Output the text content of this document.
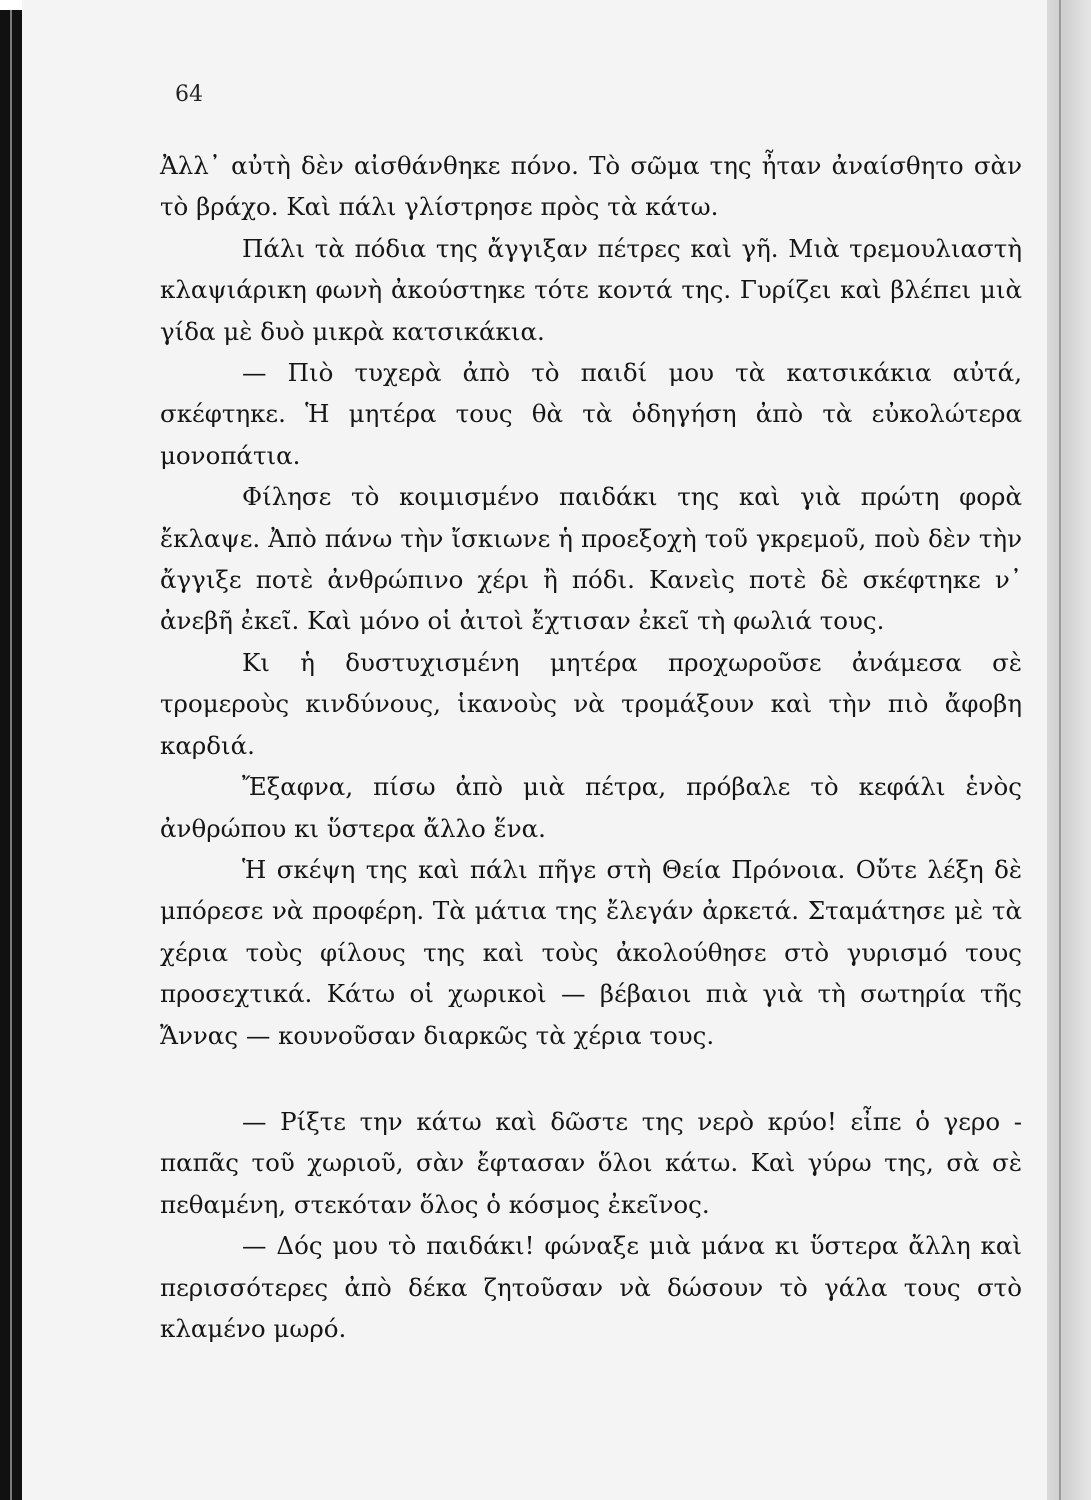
64

Ἀλλ᾽ αὐτὴ δὲν αἰσθάνθηκε πόνο. Τὸ σῶμα της ἦταν ἀναίσθητο σὰν τὸ βράχο. Καὶ πάλι γλίστρησε πρὸς τὰ κάτω.

Πάλι τὰ πόδια της ἄγγιξαν πέτρες καὶ γῆ. Μιὰ τρεμουλιαστὴ κλαψιάρικη φωνὴ ἀκούστηκε τότε κοντά της. Γυρίζει καὶ βλέπει μιὰ γίδα μὲ δυὸ μικρὰ κατσικάκια.

— Πιὸ τυχερὰ ἀπὸ τὸ παιδί μου τὰ κατσικάκια αὐτά, σκέφτηκε. Ἡ μητέρα τους θὰ τὰ ὁδηγήση ἀπὸ τὰ εὐκολώτερα μονοπάτια.

Φίλησε τὸ κοιμισμένο παιδάκι της καὶ γιὰ πρώτη φορὰ ἔκλαψε. Ἀπὸ πάνω τὴν ἴσκιωνε ἡ προεξοχὴ τοῦ γκρεμοῦ, ποὺ δὲν τὴν ἄγγιξε ποτὲ ἀνθρώπινο χέρι ἢ πόδι. Κανεὶς ποτὲ δὲ σκέφτηκε ν᾽ ἀνεβῆ ἐκεῖ. Καὶ μόνο οἱ ἀιτοὶ ἔχτισαν ἐκεῖ τὴ φωλιά τους.

Κι ἡ δυστυχισμένη μητέρα προχωροῦσε ἀνάμεσα σὲ τρομεροὺς κινδύνους, ἱκανοὺς νὰ τρομάξουν καὶ τὴν πιὸ ἄφοβη καρδιά.

Ἔξαφνα, πίσω ἀπὸ μιὰ πέτρα, πρόβαλε τὸ κεφάλι ἑνὸς ἀνθρώπου κι ὕστερα ἄλλο ἕνα.

Ἡ σκέψη της καὶ πάλι πῆγε στὴ Θεία Πρόνοια. Οὔτε λέξη δὲ μπόρεσε νὰ προφέρη. Τὰ μάτια της ἔλεγάν ἀρκετά. Σταμάτησε μὲ τὰ χέρια τοὺς φίλους της καὶ τοὺς ἀκολούθησε στὸ γυρισμό τους προσεχτικά. Κάτω οἱ χωρικοὶ — βέβαιοι πιὰ γιὰ τὴ σωτηρία τῆς Ἄννας — κουνοῦσαν διαρκῶς τὰ χέρια τους.

— Ρίξτε την κάτω καὶ δῶστε της νερὸ κρύο! εἶπε ὁ γερο - παπᾶς τοῦ χωριοῦ, σὰν ἔφτασαν ὅλοι κάτω. Καὶ γύρω της, σὰ σὲ πεθαμένη, στεκόταν ὅλος ὁ κόσμος ἐκεῖνος.

— Δός μου τὸ παιδάκι! φώναξε μιὰ μάνα κι ὕστερα ἄλλη καὶ περισσότερες ἀπὸ δέκα ζητοῦσαν νὰ δώσουν τὸ γάλα τους στὸ κλαμένο μωρό.
